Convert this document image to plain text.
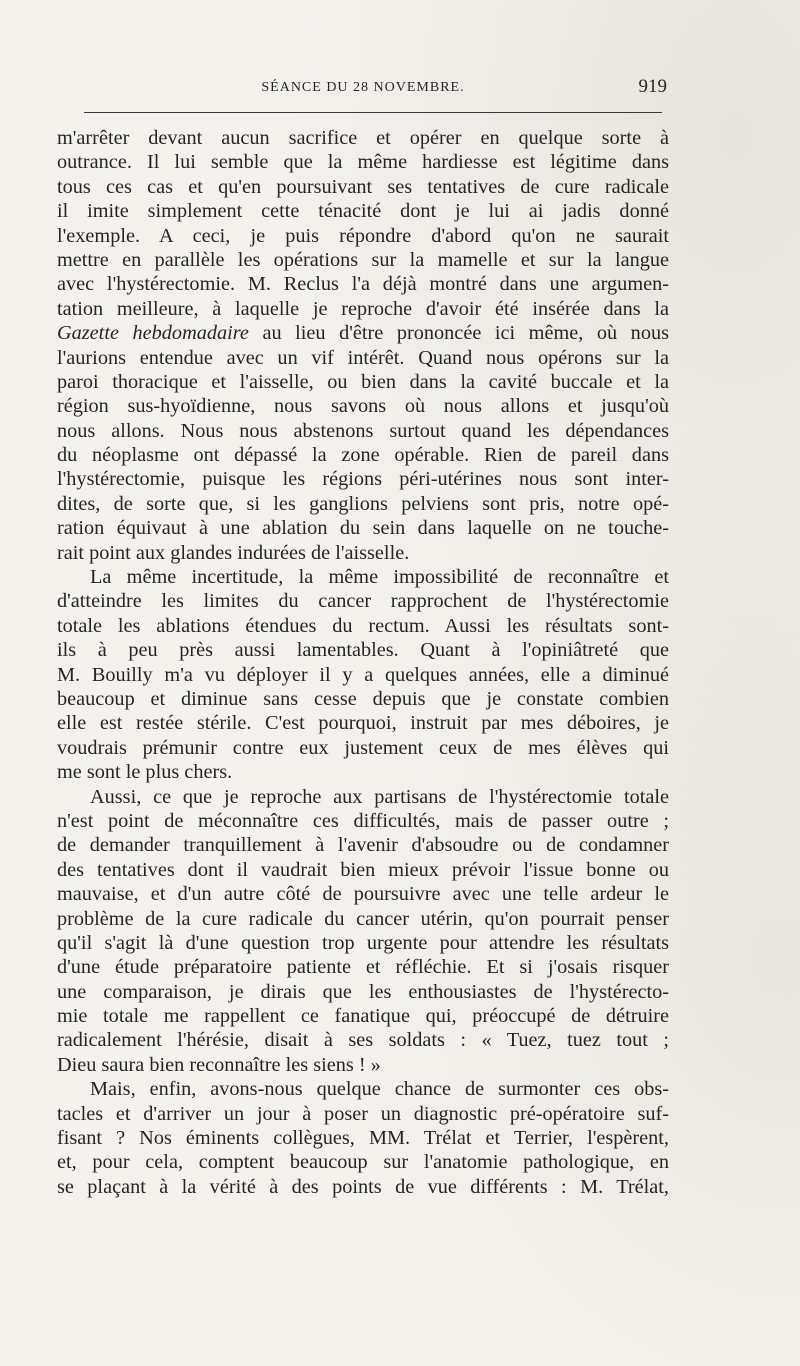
SÉANCE DU 28 NOVEMBRE.	919
m'arrêter devant aucun sacrifice et opérer en quelque sorte à
outrance. Il lui semble que la même hardiesse est légitime dans
tous ces cas et qu'en poursuivant ses tentatives de cure radicale
il imite simplement cette ténacité dont je lui ai jadis donné
l'exemple. A ceci, je puis répondre d'abord qu'on ne saurait
mettre en parallèle les opérations sur la mamelle et sur la langue
avec l'hystérectomie. M. Reclus l'a déjà montré dans une argumen-
tation meilleure, à laquelle je reproche d'avoir été insérée dans la
Gazette hebdomadaire au lieu d'être prononcée ici même, où nous
l'aurions entendue avec un vif intérêt. Quand nous opérons sur la
paroi thoracique et l'aisselle, ou bien dans la cavité buccale et la
région sus-hyoïdienne, nous savons où nous allons et jusqu'où
nous allons. Nous nous abstenons surtout quand les dépendances
du néoplasme ont dépassé la zone opérable. Rien de pareil dans
l'hystérectomie, puisque les régions péri-utérines nous sont inter-
dites, de sorte que, si les ganglions pelviens sont pris, notre opé-
ration équivaut à une ablation du sein dans laquelle on ne touche-
rait point aux glandes indurées de l'aisselle.
La même incertitude, la même impossibilité de reconnaître et
d'atteindre les limites du cancer rapprochent de l'hystérectomie
totale les ablations étendues du rectum. Aussi les résultats sont-
ils à peu près aussi lamentables. Quant à l'opiniâtreté que
M. Bouilly m'a vu déployer il y a quelques années, elle a diminué
beaucoup et diminue sans cesse depuis que je constate combien
elle est restée stérile. C'est pourquoi, instruit par mes déboires, je
voudrais prémunir contre eux justement ceux de mes élèves qui
me sont le plus chers.
Aussi, ce que je reproche aux partisans de l'hystérectomie totale
n'est point de méconnaître ces difficultés, mais de passer outre ;
de demander tranquillement à l'avenir d'absoudre ou de condamner
des tentatives dont il vaudrait bien mieux prévoir l'issue bonne ou
mauvaise, et d'un autre côté de poursuivre avec une telle ardeur le
problème de la cure radicale du cancer utérin, qu'on pourrait penser
qu'il s'agit là d'une question trop urgente pour attendre les résultats
d'une étude préparatoire patiente et réfléchie. Et si j'osais risquer
une comparaison, je dirais que les enthousiastes de l'hystérecto-
mie totale me rappellent ce fanatique qui, préoccupé de détruire
radicalement l'hérésie, disait à ses soldats : « Tuez, tuez tout ;
Dieu saura bien reconnaître les siens ! »
Mais, enfin, avons-nous quelque chance de surmonter ces obs-
tacles et d'arriver un jour à poser un diagnostic pré-opératoire suf-
fisant ? Nos éminents collègues, MM. Trélat et Terrier, l'espèrent,
et, pour cela, comptent beaucoup sur l'anatomie pathologique, en
se plaçant à la vérité à des points de vue différents : M. Trélat,
